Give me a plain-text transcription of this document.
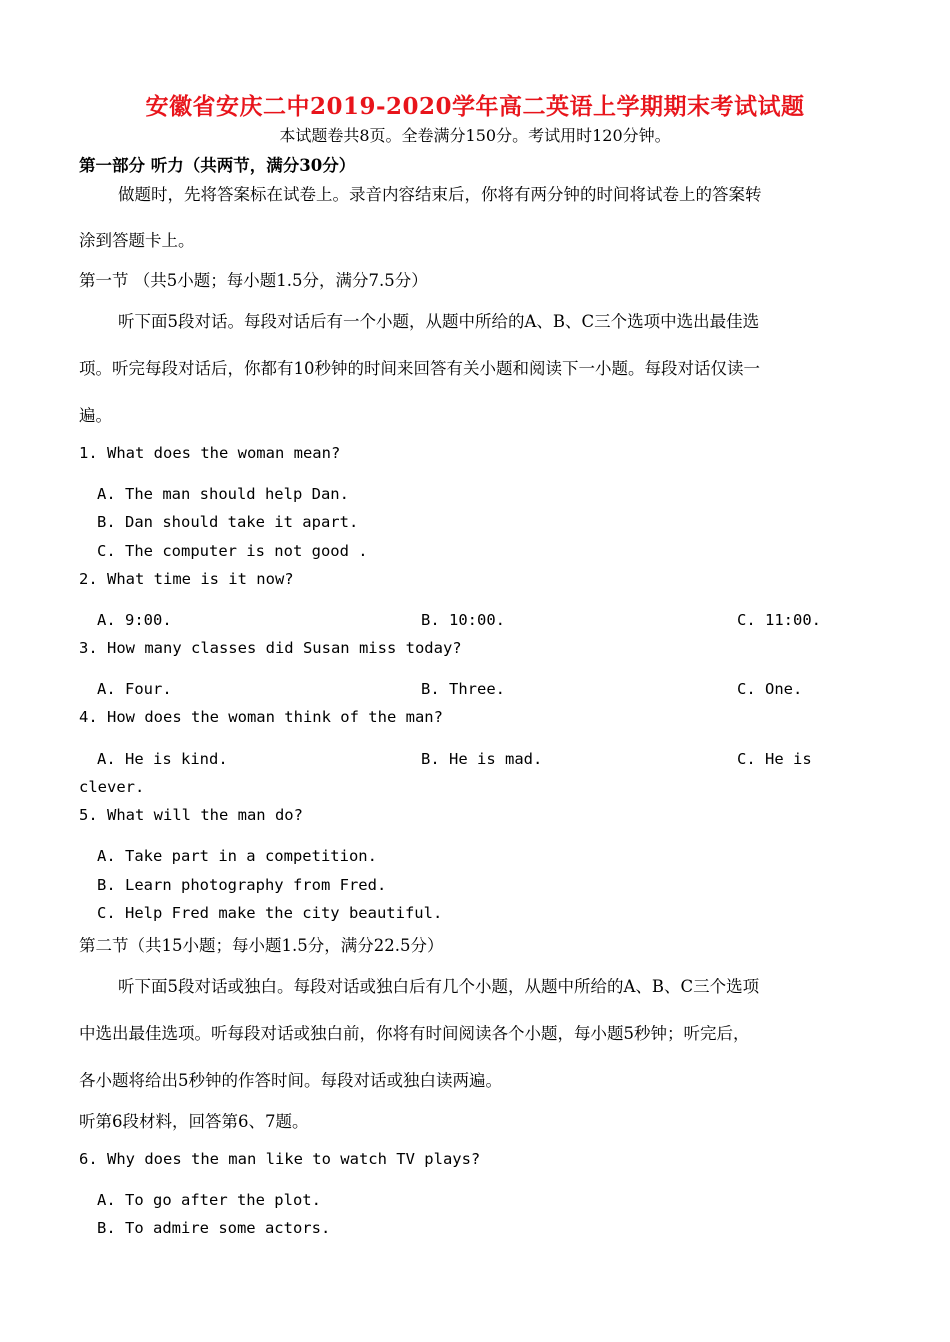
安徽省安庆二中2019-2020学年高二英语上学期期末考试试题
本试题卷共8页。全卷满分150分。考试用时120分钟。
第一部分 听力（共两节，满分30分）
做题时，先将答案标在试卷上。录音内容结束后，你将有两分钟的时间将试卷上的答案转
涂到答题卡上。
第一节 （共5小题；每小题1.5分，满分7.5分）
听下面5段对话。每段对话后有一个小题，从题中所给的A、B、C三个选项中选出最佳选
项。听完每段对话后，你都有10秒钟的时间来回答有关小题和阅读下一小题。每段对话仅读一
遍。
1. What does the woman mean?
A. The man should help Dan.
B. Dan should take it apart.
C. The computer is not good .
2. What time is it now?
A. 9:00.	B. 10:00.	C. 11:00.
3. How many classes did Susan miss today?
A. Four.	B. Three.	C. One.
4. How does the woman think of the man?
A. He is kind.	B. He is mad.	C. He is
clever.
5. What will the man do?
A. Take part in a competition.
B. Learn photography from Fred.
C. Help Fred make the city beautiful.
第二节（共15小题；每小题1.5分，满分22.5分）
听下面5段对话或独白。每段对话或独白后有几个小题，从题中所给的A、B、C三个选项
中选出最佳选项。听每段对话或独白前，你将有时间阅读各个小题，每小题5秒钟；听完后，
各小题将给出5秒钟的作答时间。每段对话或独白读两遍。
听第6段材料，回答第6、7题。
6. Why does the man like to watch TV plays?
A. To go after the plot.
B. To admire some actors.
